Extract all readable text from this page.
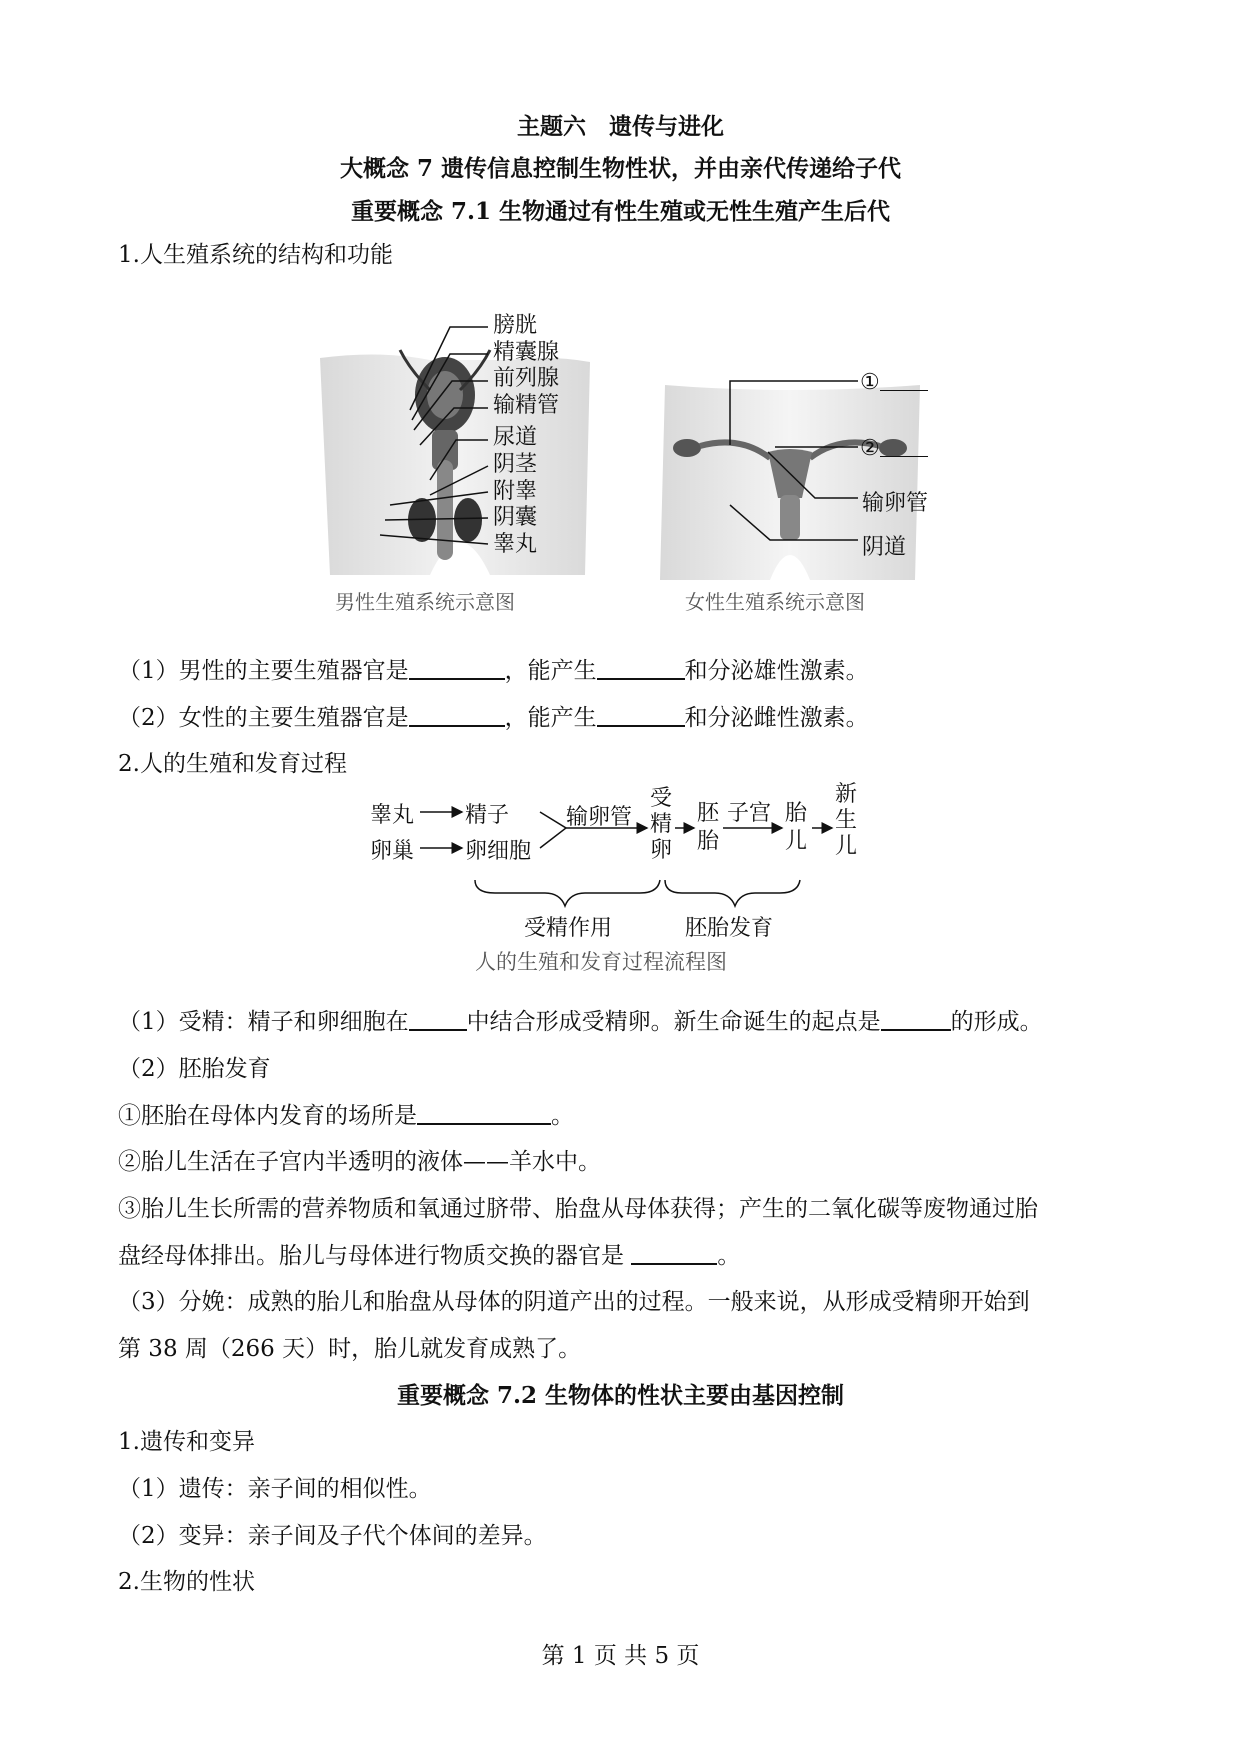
主题六　遗传与进化
大概念 7 遗传信息控制生物性状，并由亲代传递给子代
重要概念 7.1 生物通过有性生殖或无性生殖产生后代
1.人生殖系统的结构和功能
膀胱
精囊腺
前列腺
输精管
尿道
阴茎
附睾
阴囊
睾丸
男性生殖系统示意图
①
②
输卵管
阴道
女性生殖系统示意图
（1）男性的主要生殖器官是	，能产生	和分泌雄性激素。
（2）女性的主要生殖器官是	，能产生	和分泌雌性激素。
2.人的生殖和发育过程
睾丸 精子
卵巢 卵细胞
输卵管
受
精
卵
胚
胎
子宫 胎
儿
新
生
儿
受精作用	胚胎发育
人的生殖和发育过程流程图
（1）受精：精子和卵细胞在	中结合形成受精卵。新生命诞生的起点是	的形成。
（2）胚胎发育
①胚胎在母体内发育的场所是	。
②胎儿生活在子宫内半透明的液体——羊水中。
③胎儿生长所需的营养物质和氧通过脐带、胎盘从母体获得；产生的二氧化碳等废物通过胎
盘经母体排出。胎儿与母体进行物质交换的器官是	。
（3）分娩：成熟的胎儿和胎盘从母体的阴道产出的过程。一般来说，从形成受精卵开始到
第 38 周（266 天）时，胎儿就发育成熟了。
重要概念 7.2 生物体的性状主要由基因控制
1.遗传和变异
（1）遗传：亲子间的相似性。
（2）变异：亲子间及子代个体间的差异。
2.生物的性状
第 1 页 共 5 页
